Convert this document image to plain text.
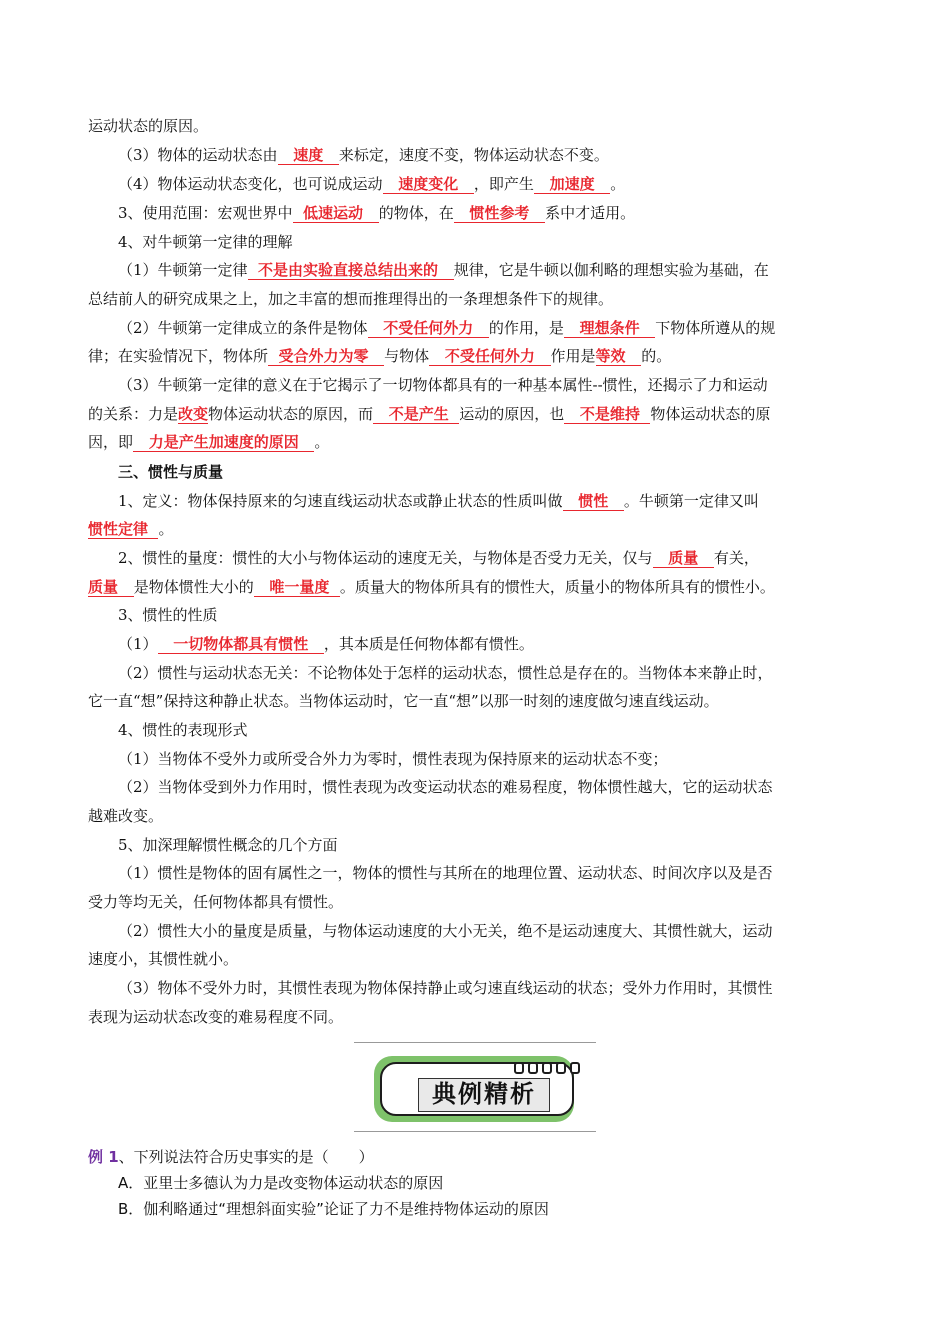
运动状态的原因。
（3）物体的运动状态由 速度 来标定，速度不变，物体运动状态不变。
（4）物体运动状态变化，也可说成运动 速度变化 ，即产生 加速度 。
3、使用范围：宏观世界中 低速运动 的物体，在 惯性参考 系中才适用。
4、对牛顿第一定律的理解
（1）牛顿第一定律 不是由实验直接总结出来的 规律，它是牛顿以伽利略的理想实验为基础，在
总结前人的研究成果之上，加之丰富的想而推理得出的一条理想条件下的规律。
（2）牛顿第一定律成立的条件是物体 不受任何外力 的作用，是 理想条件 下物体所遵从的规
律；在实验情况下，物体所 受合外力为零 与物体 不受任何外力 作用是等效 的。
（3）牛顿第一定律的意义在于它揭示了一切物体都具有的一种基本属性--惯性，还揭示了力和运动
的关系：力是改变物体运动状态的原因，而 不是产生 运动的原因，也 不是维持 物体运动状态的原
因，即 力是产生加速度的原因 。
三、惯性与质量
1、定义：物体保持原来的匀速直线运动状态或静止状态的性质叫做 惯性 。牛顿第一定律又叫
惯性定律 。
2、惯性的量度：惯性的大小与物体运动的速度无关，与物体是否受力无关，仅与 质量 有关，
质量 是物体惯性大小的 唯一量度 。质量大的物体所具有的惯性大，质量小的物体所具有的惯性小。
3、惯性的性质
（1） 一切物体都具有惯性 ，其本质是任何物体都有惯性。
（2）惯性与运动状态无关：不论物体处于怎样的运动状态，惯性总是存在的。当物体本来静止时，
它一直“想”保持这种静止状态。当物体运动时，它一直“想”以那一时刻的速度做匀速直线运动。
4、惯性的表现形式
（1）当物体不受外力或所受合外力为零时，惯性表现为保持原来的运动状态不变；
（2）当物体受到外力作用时，惯性表现为改变运动状态的难易程度，物体惯性越大，它的运动状态
越难改变。
5、加深理解惯性概念的几个方面
（1）惯性是物体的固有属性之一，物体的惯性与其所在的地理位置、运动状态、时间次序以及是否
受力等均无关，任何物体都具有惯性。
（2）惯性大小的量度是质量，与物体运动速度的大小无关，绝不是运动速度大、其惯性就大，运动
速度小，其惯性就小。
（3）物体不受外力时，其惯性表现为物体保持静止或匀速直线运动的状态；受外力作用时，其惯性
表现为运动状态改变的难易程度不同。
典例精析
例 1、下列说法符合历史事实的是（　　）
A．亚里士多德认为力是改变物体运动状态的原因
B．伽利略通过“理想斜面实验”论证了力不是维持物体运动的原因
